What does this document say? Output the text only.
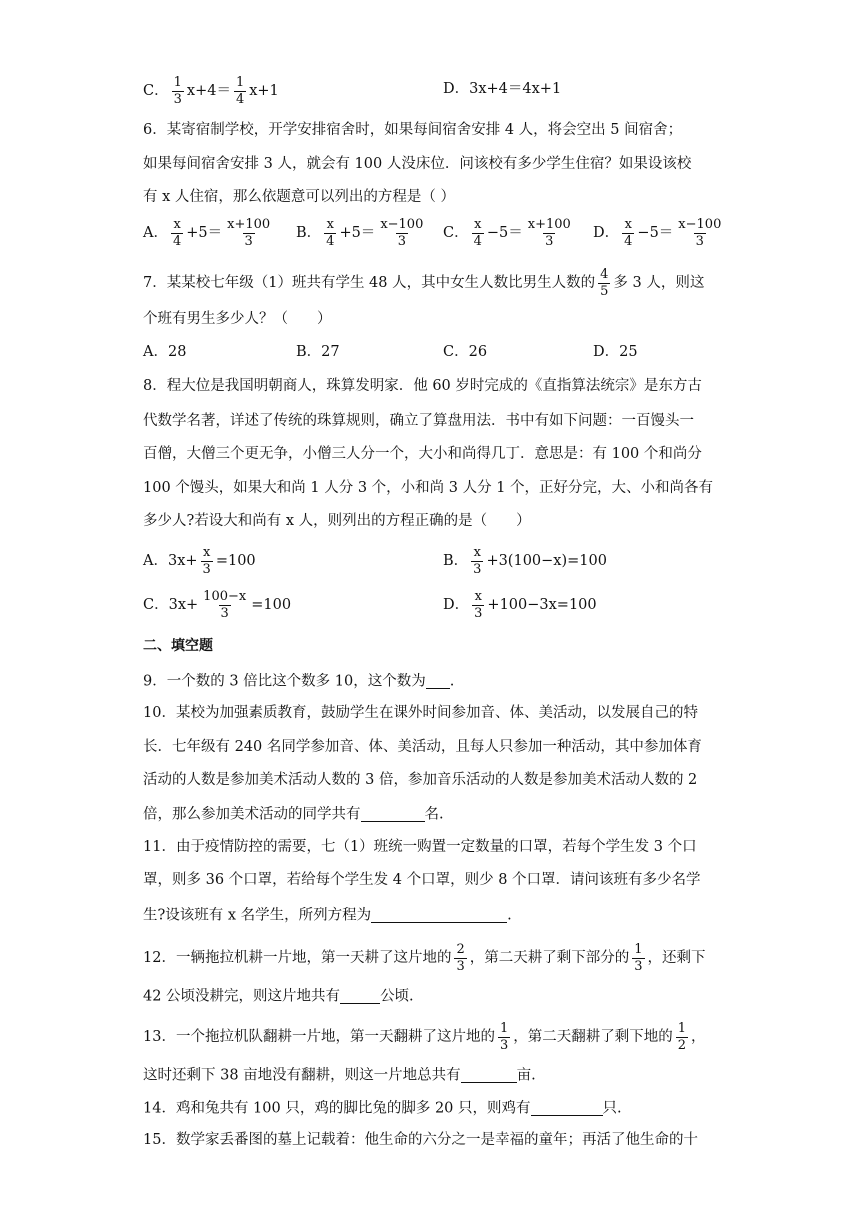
C． $\frac{1}{3} x+4= \frac{1}{4} x+1$	D．3x+4＝4x+1
6．某寄宿制学校，开学安排宿舍时，如果每间宿舍安排 4 人，将会空出 5 间宿舍；
如果每间宿舍安排 3 人，就会有 100 人没床位．问该校有多少学生住宿？如果设该校
有 x 人住宿，那么依题意可以列出的方程是（ ）
A． $\frac{x}{4} +5= \frac{x+100}{3}$ B． $\frac{x}{4} +5= \frac{x-100}{3}$ C． $\frac{x}{4} -5= \frac{x+100}{3}$ D． $\frac{x}{4} -5= \frac{x-100}{3}$
7．某某校七年级（1）班共有学生 48 人，其中女生人数比男生人数的 $\frac{4}{5}$ 多 3 人，则这
个班有男生多少人？（　　）
A．28	B．27	C．26	D．25
8．程大位是我国明朝商人，珠算发明家．他 60 岁时完成的《直指算法统宗》是东方古
代数学名著，详述了传统的珠算规则，确立了算盘用法．书中有如下问题：一百馒头一
百僧，大僧三个更无争，小僧三人分一个，大小和尚得几丁．意思是：有 100 个和尚分
100 个馒头，如果大和尚 1 人分 3 个，小和尚 3 人分 1 个，正好分完，大、小和尚各有
多少人?若设大和尚有 x 人，则列出的方程正确的是（　　）
A．$3x+ \frac{x}{3} =100$	B． $\frac{x}{3} +3(100-x)=100$
C．$3x+ \frac{100-x}{3} =100$	D． $\frac{x}{3} +100-3x=100$
二、填空题
9．一个数的 3 倍比这个数多 10，这个数为 .
10．某校为加强素质教育，鼓励学生在课外时间参加音、体、美活动，以发展自己的特
长．七年级有 240 名同学参加音、体、美活动，且每人只参加一种活动，其中参加体育
活动的人数是参加美术活动人数的 3 倍，参加音乐活动的人数是参加美术活动人数的 2
倍，那么参加美术活动的同学共有	名.
11．由于疫情防控的需要，七（1）班统一购置一定数量的口罩，若每个学生发 3 个口
罩，则多 36 个口罩，若给每个学生发 4 个口罩，则少 8 个口罩．请问该班有多少名学
生?设该班有 x 名学生，所列方程为	.
12．一辆拖拉机耕一片地，第一天耕了这片地的 $\frac{2}{3}$ ，第二天耕了剩下部分的 $\frac{1}{3}$ ，还剩下
42 公顷没耕完，则这片地共有	公顷.
13．一个拖拉机队翻耕一片地，第一天翻耕了这片地的 $\frac{1}{3}$ ，第二天翻耕了剩下地的 $\frac{1}{2}$ ，
这时还剩下 38 亩地没有翻耕，则这一片地总共有	亩.
14．鸡和兔共有 100 只，鸡的脚比兔的脚多 20 只，则鸡有	只.
15．数学家丢番图的墓上记载着：他生命的六分之一是幸福的童年；再活了他生命的十
